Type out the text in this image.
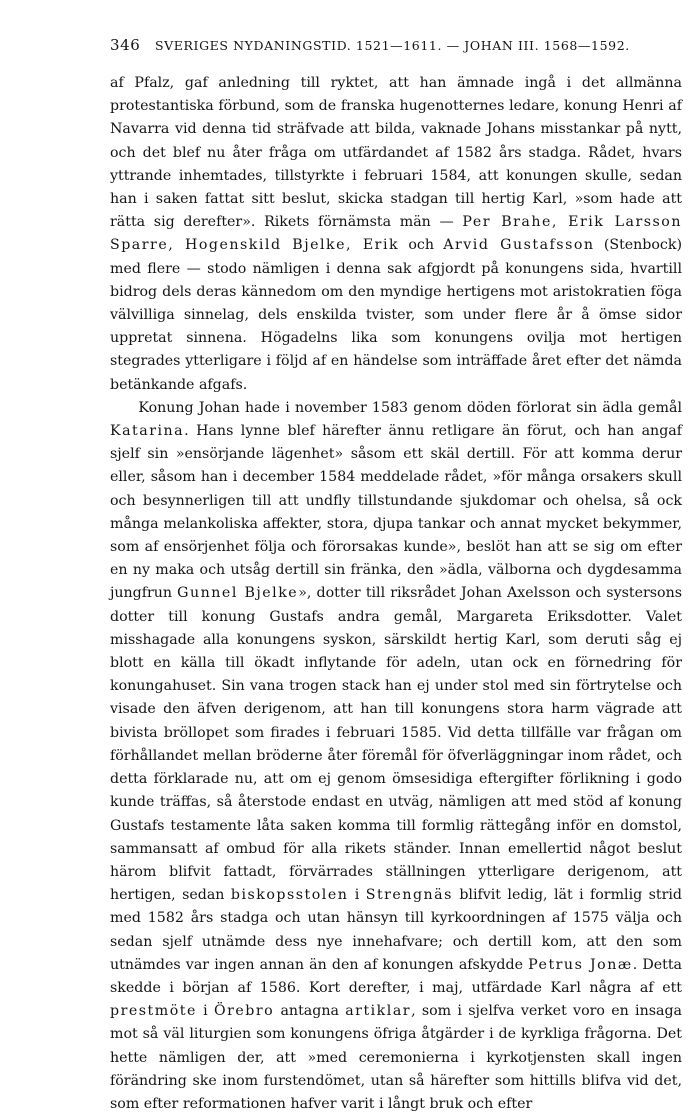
346 SVERIGES NYDANINGSTID. 1521—1611. — JOHAN III. 1568—1592.

af Pfalz, gaf anledning till ryktet, att han ämnade ingå i det allmänna protestantiska förbund, som de franska hugenotternes ledare, konung Henri af Navarra vid denna tid sträfvade att bilda, vaknade Johans misstankar på nytt, och det blef nu åter fråga om utfärdandet af 1582 års stadga. Rådet, hvars yttrande inhemtades, tillstyrkte i februari 1584, att konungen skulle, sedan han i saken fattat sitt beslut, skicka stadgan till hertig Karl, »som hade att rätta sig derefter». Rikets förnämsta män — Per Brahe, Erik Larsson Sparre, Hogenskild Bjelke, Erik och Arvid Gustafsson (Stenbock) med flere — stodo nämligen i denna sak afgjordt på konungens sida, hvartill bidrog dels deras kännedom om den myndige hertigens mot aristokratien föga välvilliga sinnelag, dels enskilda tvister, som under flere år å ömse sidor uppretat sinnena. Högadelns lika som konungens ovilja mot hertigen stegrades ytterligare i följd af en händelse som inträffade året efter det nämda betänkande afgafs.

Konung Johan hade i november 1583 genom döden förlorat sin ädla gemål Katarina. Hans lynne blef härefter ännu retligare än förut, och han angaf sjelf sin »ensörjande lägenhet» såsom ett skäl dertill. För att komma derur eller, såsom han i december 1584 meddelade rådet, »för många orsakers skull och besynnerligen till att undfly tillstundande sjukdomar och ohelsa, så ock många melankoliska affekter, stora, djupa tankar och annat mycket bekymmer, som af ensörjenhet följa och förorsakas kunde», beslöt han att se sig om efter en ny maka och utsåg dertill sin fränka, den »ädla, välborna och dygdesamma jungfrun Gunnel Bjelke», dotter till riksrådet Johan Axelsson och systersons dotter till konung Gustafs andra gemål, Margareta Eriksdotter. Valet misshagade alla konungens syskon, särskildt hertig Karl, som deruti såg ej blott en källa till ökadt inflytande för adeln, utan ock en förnedring för konungahuset. Sin vana trogen stack han ej under stol med sin förtrytelse och visade den äfven derigenom, att han till konungens stora harm vägrade att bivista bröllopet som firades i februari 1585. Vid detta tillfälle var frågan om förhållandet mellan bröderne åter föremål för öfverläggningar inom rådet, och detta förklarade nu, att om ej genom ömsesidiga eftergifter förlikning i godo kunde träffas, så återstode endast en utväg, nämligen att med stöd af konung Gustafs testamente låta saken komma till formlig rättegång inför en domstol, sammansatt af ombud för alla rikets ständer. Innan emellertid något beslut härom blifvit fattadt, förvärrades ställningen ytterligare derigenom, att hertigen, sedan biskopsstolen i Strengnäs blifvit ledig, lät i formlig strid med 1582 års stadga och utan hänsyn till kyrkoordningen af 1575 välja och sedan sjelf utnämde dess nye innehafvare; och dertill kom, att den som utnämdes var ingen annan än den af konungen afskydde Petrus Jonæ. Detta skedde i början af 1586. Kort derefter, i maj, utfärdade Karl några af ett prestmöte i Örebro antagna artiklar, som i sjelfva verket voro en insaga mot så väl liturgien som konungens öfriga åtgärder i de kyrkliga frågorna. Det hette nämligen der, att »med ceremonierna i kyrkotjensten skall ingen förändring ske inom furstendömet, utan så härefter som hittills blifva vid det, som efter reformationen hafver varit i långt bruk och efter
